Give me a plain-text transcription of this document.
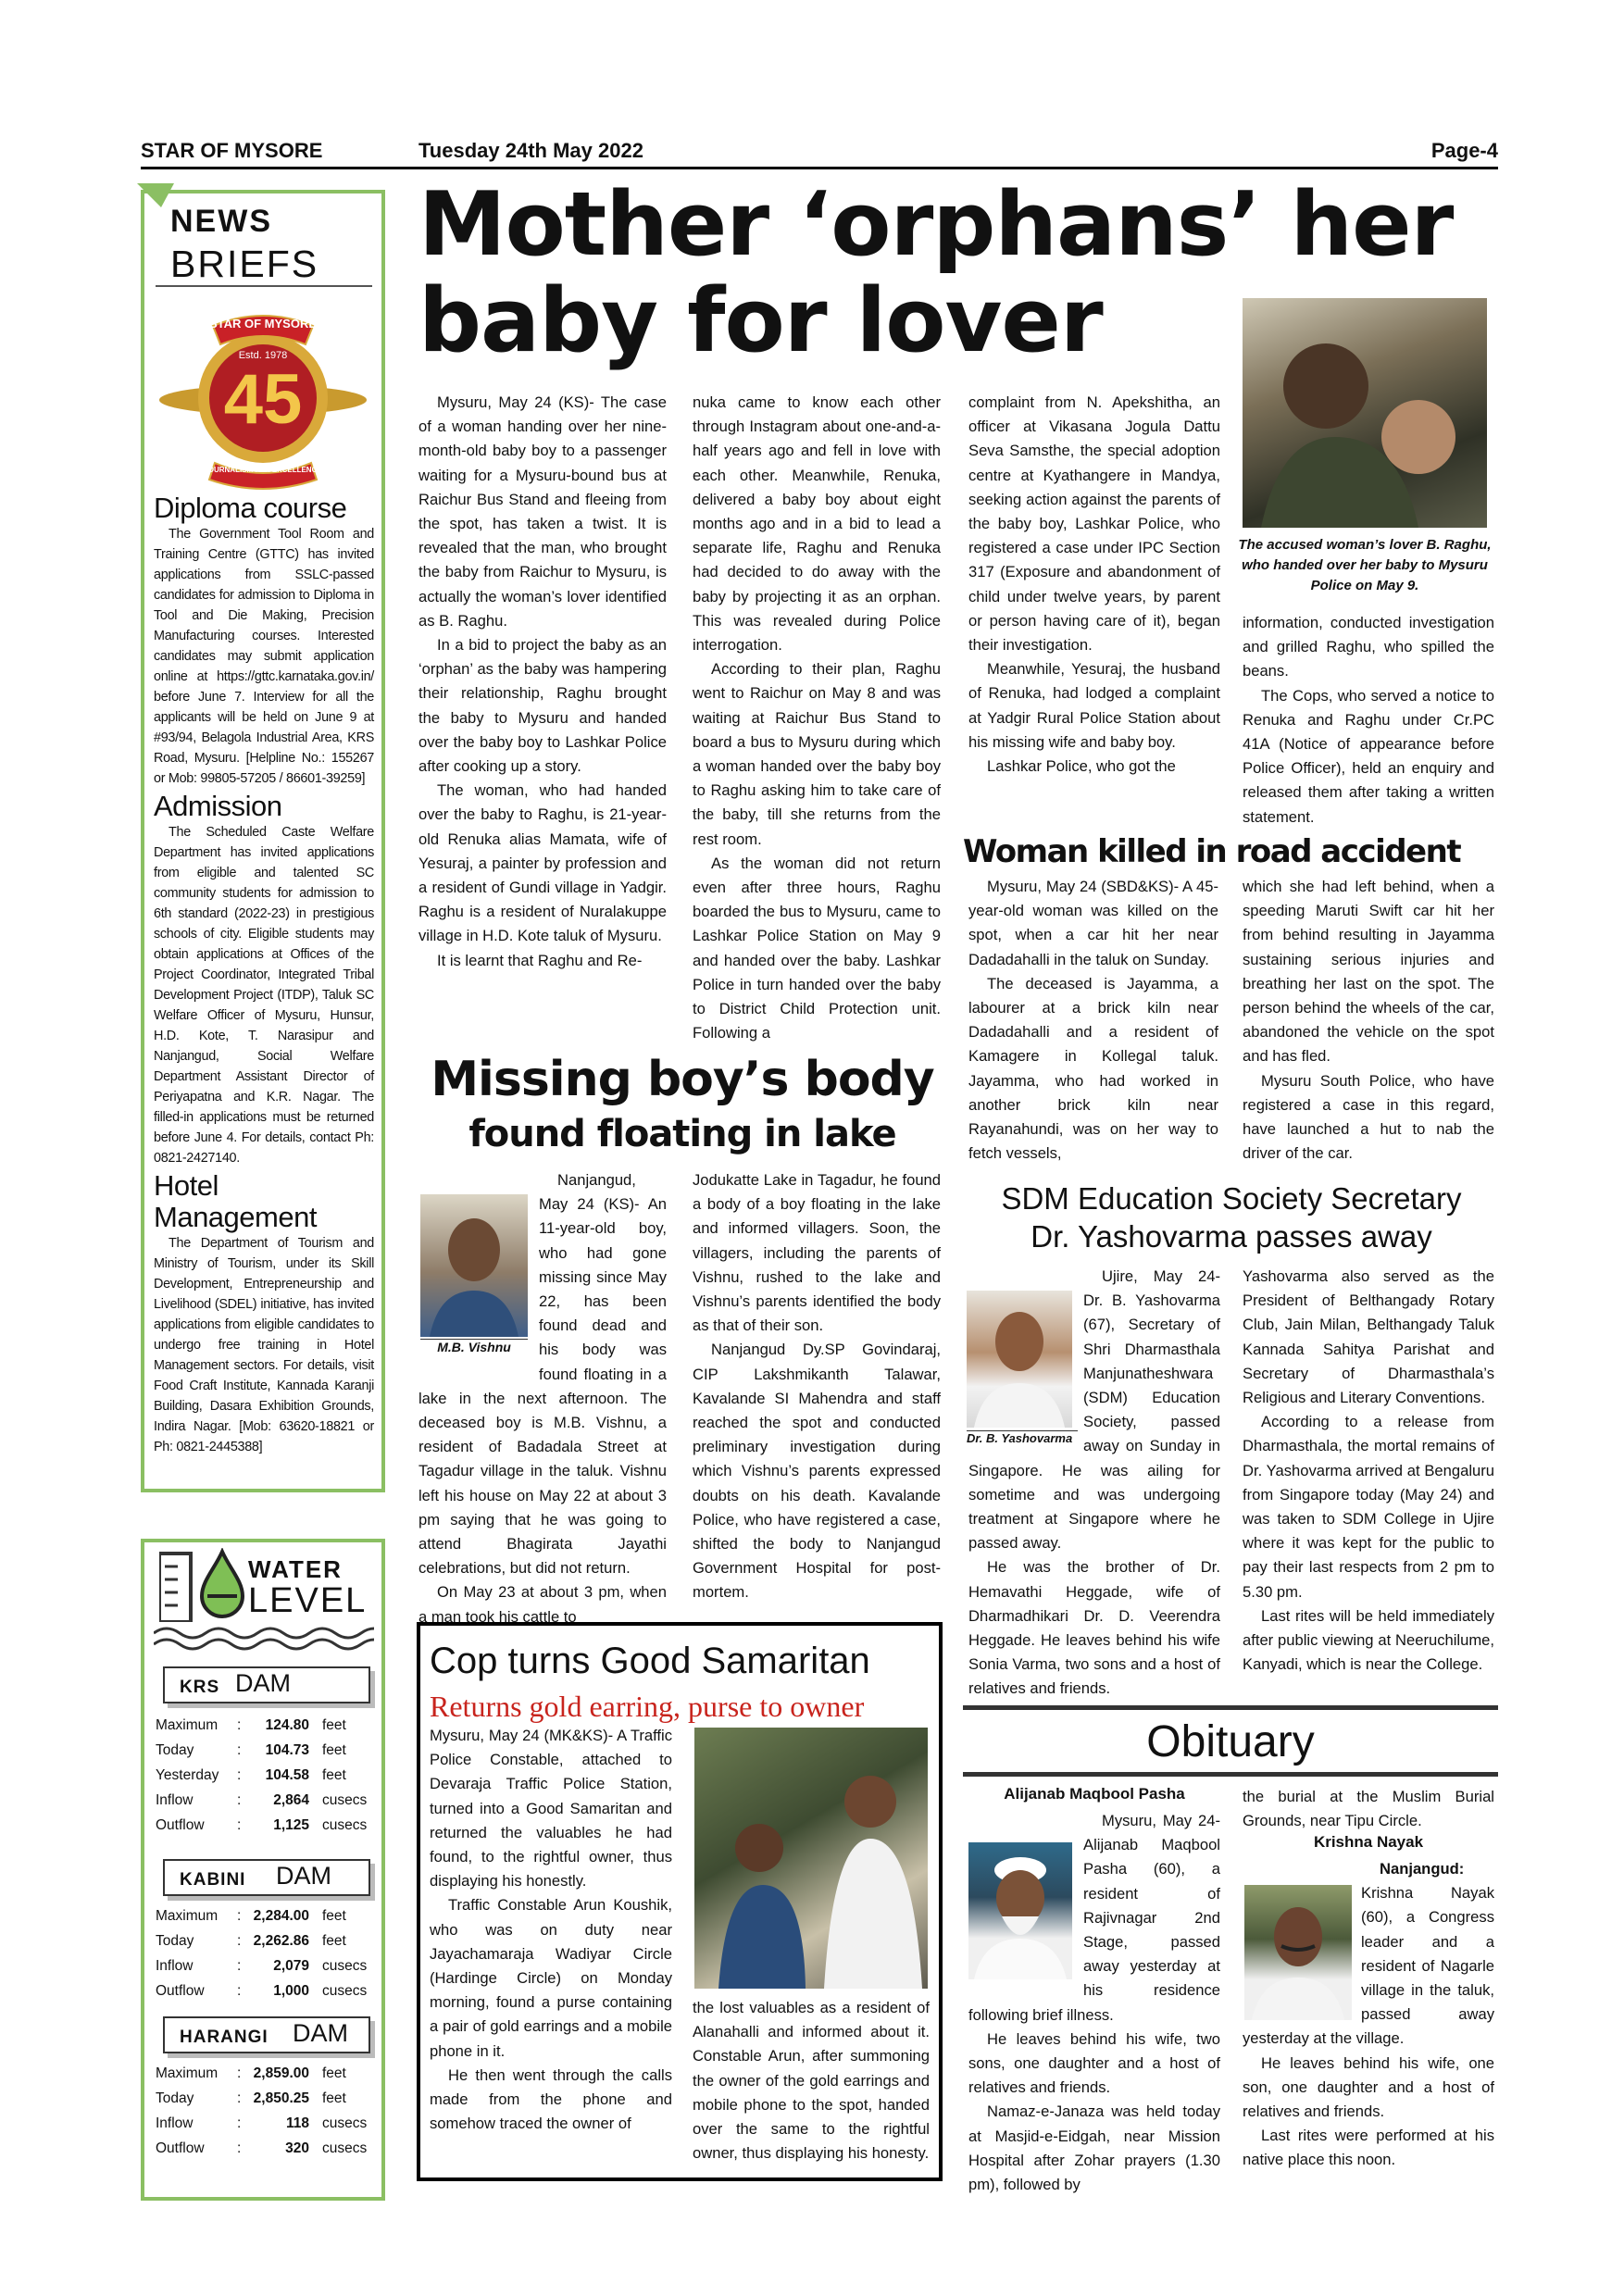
STAR OF MYSORE	Tuesday 24th May 2022	Page-4
NEWS
BRIEFS
STAR OF MYSORE
Estd. 1978
45
JOURNALISM PAR EXCELLENCE
Diploma course

The Government Tool Room and Training Centre (GTTC) has invited applications from SSLC-passed candidates for admission to Diploma in Tool and Die Making, Precision Manufacturing courses. Interested candidates may submit application online at https://gttc.karnataka.gov.in/ before June 7. Interview for all the applicants will be held on June 9 at #93/94, Belagola Industrial Area, KRS Road, Mysuru. [Helpline No.: 155267 or Mob: 99805-57205 / 86601-39259]

Admission

The Scheduled Caste Welfare Department has invited applications from eligible and talented SC community students for admission to 6th standard (2022-23) in prestigious schools of city. Eligible students may obtain applications at Offices of the Project Coordinator, Integrated Tribal Development Project (ITDP), Taluk SC Welfare Officer of Mysuru, Hunsur, H.D. Kote, T. Narasipur and Nanjangud, Social Welfare Department Assistant Director of Periyapatna and K.R. Nagar. The filled-in applications must be returned before June 4. For details, contact Ph: 0821-2427140.

Hotel Management

The Department of Tourism and Ministry of Tourism, under its Skill Development, Entrepreneurship and Livelihood (SDEL) initiative, has invited applications from eligible candidates to undergo free training in Hotel Management sectors. For details, visit Food Craft Institute, Kannada Karanji Building, Dasara Exhibition Grounds, Indira Nagar. [Mob: 63620-18821 or Ph: 0821-2445388]

WATER
LEVEL
KRS DAM
Maximum	:	124.80	feet
Today	:	104.73	feet
Yesterday	:	104.58	feet
Inflow	:	2,864	cusecs
Outflow	:	1,125	cusecs
KABINI DAM
Maximum	:	2,284.00	feet
Today	:	2,262.86	feet
Inflow	:	2,079	cusecs
Outflow	:	1,000	cusecs
HARANGI DAM
Maximum	:	2,859.00	feet
Today	:	2,850.25	feet
Inflow	:	118	cusecs
Outflow	:	320	cusecs
Mother ‘orphans’ her
baby for lover
The accused woman’s lover B. Raghu, who handed over her baby to Mysuru Police on May 9.

Mysuru, May 24 (KS)- The case of a woman handing over her nine-month-old baby boy to a passenger waiting for a Mysuru-bound bus at Raichur Bus Stand and fleeing from the spot, has taken a twist. It is revealed that the man, who brought the baby from Raichur to Mysuru, is actually the woman’s lover identified as B. Raghu.

In a bid to project the baby as an ‘orphan’ as the baby was hampering their relationship, Raghu brought the baby to Mysuru and handed over the baby boy to Lashkar Police after cooking up a story.

The woman, who had handed over the baby to Raghu, is 21-year-old Renuka alias Mamata, wife of Yesuraj, a painter by profession and a resident of Gundi village in Yadgir. Raghu is a resident of Nuralakuppe village in H.D. Kote taluk of Mysuru.

It is learnt that Raghu and Re-

nuka came to know each other through Instagram about one-and-a-half years ago and fell in love with each other. Meanwhile, Renuka, delivered a baby boy about eight months ago and in a bid to lead a separate life, Raghu and Renuka had decided to do away with the baby by projecting it as an orphan. This was revealed during Police interrogation.

According to their plan, Raghu went to Raichur on May 8 and was waiting at Raichur Bus Stand to board a bus to Mysuru during which a woman handed over the baby boy to Raghu asking him to take care of the baby, till she returns from the rest room.

As the woman did not return even after three hours, Raghu boarded the bus to Mysuru, came to Lashkar Police Station on May 9 and handed over the baby. Lashkar Police in turn handed over the baby to District Child Protection unit. Following a

complaint from N. Apekshitha, an officer at Vikasana Jogula Dattu Seva Samsthe, the special adoption centre at Kyathangere in Mandya, seeking action against the parents of the baby boy, Lashkar Police, who registered a case under IPC Section 317 (Exposure and abandonment of child under twelve years, by parent or person having care of it), began their investigation.

Meanwhile, Yesuraj, the husband of Renuka, had lodged a complaint at Yadgir Rural Police Station about his missing wife and baby boy.

Lashkar Police, who got the

information, conducted investigation and grilled Raghu, who spilled the beans.

The Cops, who served a notice to Renuka and Raghu under Cr.PC 41A (Notice of appearance before Police Officer), held an enquiry and released them after taking a written statement.

Missing boy’s body
found floating in lake
M.B. Vishnu

Nanjangud, May 24 (KS)- An 11-year-old boy, who had gone missing since May 22, has been found dead and his body was found floating in a lake in the next afternoon. The deceased boy is M.B. Vishnu, a resident of Badadala Street at Tagadur village in the taluk. Vishnu left his house on May 22 at about 3 pm saying that he was going to attend Bhagirata Jayathi celebrations, but did not return.

On May 23 at about 3 pm, when a man took his cattle to

Jodukatte Lake in Tagadur, he found a body of a boy floating in the lake and informed villagers. Soon, the villagers, including the parents of Vishnu, rushed to the lake and Vishnu’s parents identified the body as that of their son.

Nanjangud Dy.SP Govindaraj, CIP Lakshmikanth Talawar, Kavalande SI Mahendra and staff reached the spot and conducted preliminary investigation during which Vishnu’s parents expressed doubts on his death. Kavalande Police, who have registered a case, shifted the body to Nanjangud Government Hospital for post-mortem.

Woman killed in road accident

Mysuru, May 24 (SBD&KS)- A 45-year-old woman was killed on the spot, when a car hit her near Dadadahalli in the taluk on Sunday.

The deceased is Jayamma, a labourer at a brick kiln near Dadadahalli and a resident of Kamagere in Kollegal taluk. Jayamma, who had worked in another brick kiln near Rayanahundi, was on her way to fetch vessels,

which she had left behind, when a speeding Maruti Swift car hit her from behind resulting in Jayamma sustaining serious injuries and breathing her last on the spot. The person behind the wheels of the car, abandoned the vehicle on the spot and has fled.

Mysuru South Police, who have registered a case in this regard, have launched a hut to nab the driver of the car.

SDM Education Society Secretary
Dr. Yashovarma passes away
Dr. B. Yashovarma

Ujire, May 24- Dr. B. Yashovarma (67), Secretary of Shri Dharmasthala Manjunatheshwara (SDM) Education Society, passed away on Sunday in Singapore. He was ailing for sometime and was undergoing treatment at Singapore where he passed away.

He was the brother of Dr. Hemavathi Heggade, wife of Dharmadhikari Dr. D. Veerendra Heggade. He leaves behind his wife Sonia Varma, two sons and a host of relatives and friends.

Yashovarma also served as the President of Belthangady Rotary Club, Jain Milan, Belthangady Taluk Kannada Sahitya Parishat and Secretary of Dharmasthala’s Religious and Literary Conventions.

According to a release from Dharmasthala, the mortal remains of Dr. Yashovarma arrived at Bengaluru from Singapore today (May 24) and was taken to SDM College in Ujire where it was kept for the public to pay their last respects from 2 pm to 5.30 pm.

Last rites will be held immediately after public viewing at Neeruchilume, Kanyadi, which is near the College.

Cop turns Good Samaritan
Returns gold earring, purse to owner

Mysuru, May 24 (MK&KS)- A Traffic Police Constable, attached to Devaraja Traffic Police Station, turned into a Good Samaritan and returned the valuables he had found, to the rightful owner, thus displaying his honestly.

Traffic Constable Arun Koushik, who was on duty near Jayachamaraja Wadiyar Circle (Hardinge Circle) on Monday morning, found a purse containing a pair of gold earrings and a mobile phone in it.

He then went through the calls made from the phone and somehow traced the owner of

the lost valuables as a resident of Alanahalli and informed about it. Constable Arun, after summoning the owner of the gold earrings and mobile phone to the spot, handed over the same to the rightful owner, thus displaying his honesty.

Obituary
Alijanab Maqbool Pasha

Mysuru, May 24- Alijanab Maqbool Pasha (60), a resident of Rajivnagar 2nd Stage, passed away yesterday at his residence following brief illness.

He leaves behind his wife, two sons, one daughter and a host of relatives and friends.

Namaz-e-Janaza was held today at Masjid-e-Eidgah, near Mission Hospital after Zohar prayers (1.30 pm), followed by

the burial at the Muslim Burial Grounds, near Tipu Circle.

Krishna Nayak

Nanjangud: Krishna Nayak (60), a Congress leader and a resident of Nagarle village in the taluk, passed away yesterday at the village.

He leaves behind his wife, one son, one daughter and a host of relatives and friends.

Last rites were performed at his native place this noon.
